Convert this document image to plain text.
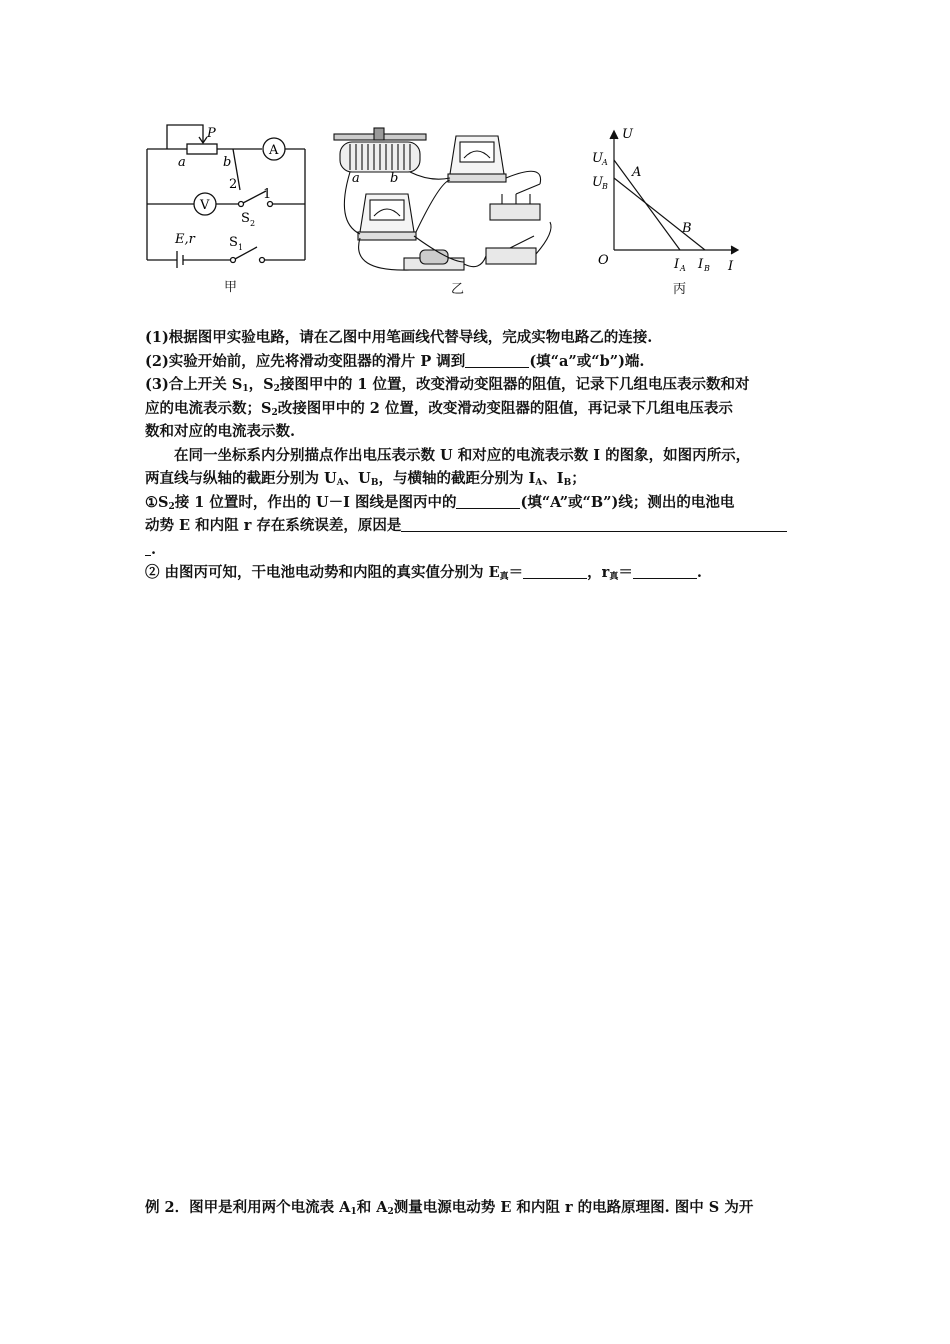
P
a	b
2
1
A
V
S 2
S 1
E,r
甲
a b
乙
U
I
O
U A
U B
I A I B
A
B
丙

(1)根据图甲实验电路，请在乙图中用笔画线代替导线，完成实物电路乙的连接.

(2)实验开始前，应先将滑动变阻器的滑片 P 调到	(填“a”或“b”)端.

(3)合上开关 $S_1$，$S_2$接图甲中的 1 位置，改变滑动变阻器的阻值，记录下几组电压表示数和对

应的电流表示数；$S_2$改接图甲中的 2 位置，改变滑动变阻器的阻值，再记录下几组电压表示

数和对应的电流表示数.

在同一坐标系内分别描点作出电压表示数 U 和对应的电流表示数 I 的图象，如图丙所示，

两直线与纵轴的截距分别为 $U_A$、$U_B$，与横轴的截距分别为 $I_A$、$I_B$；

$①S_2$接 1 位置时，作出的 U－I 图线是图丙中的	(填“A”或“B”)线；测出的电池电

动势 E 和内阻 r 存在系统误差，原因是

.

② 由图丙可知，干电池电动势和内阻的真实值分别为 $E_真=$	，$r_真=$	.

例 2．图甲是利用两个电流表 $A_1$和 $A_2$测量电源电动势 E 和内阻 r 的电路原理图. 图中 S 为开
